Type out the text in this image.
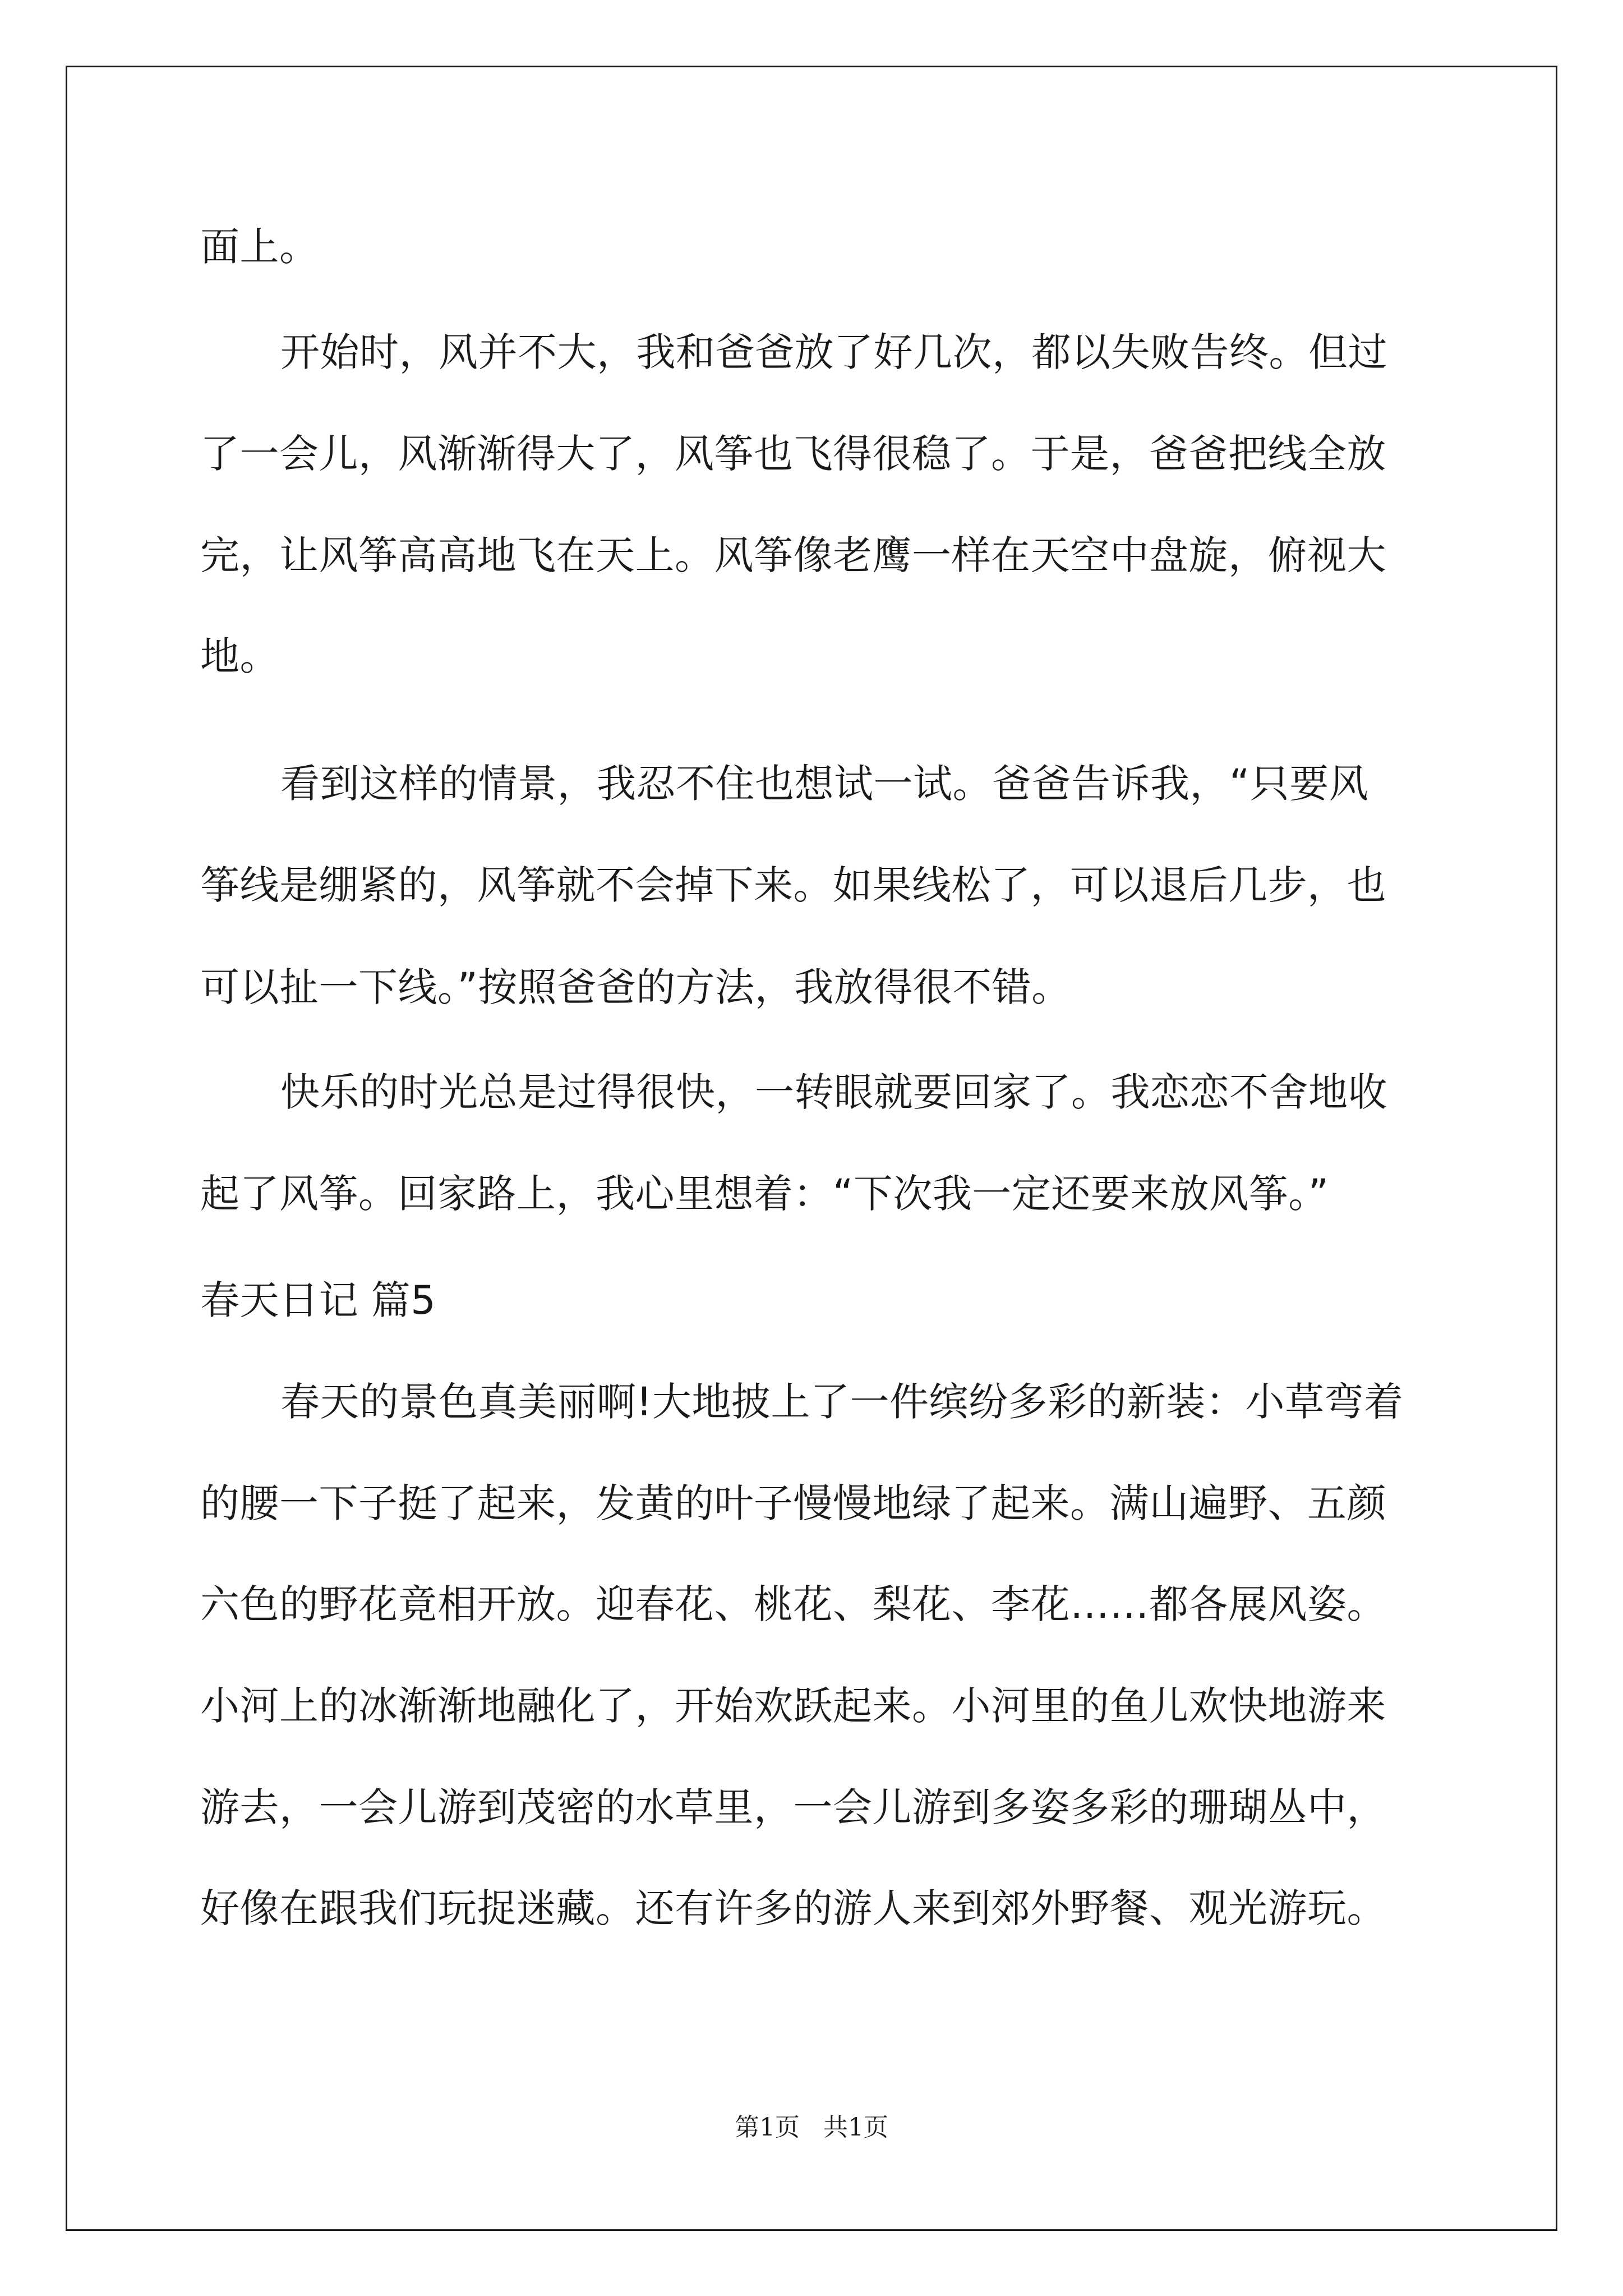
面上。

开始时，风并不大，我和爸爸放了好几次，都以失败告终。但过

了一会儿，风渐渐得大了，风筝也飞得很稳了。于是，爸爸把线全放

完，让风筝高高地飞在天上。风筝像老鹰一样在天空中盘旋，俯视大

地。

看到这样的情景，我忍不住也想试一试。爸爸告诉我，“只要风

筝线是绷紧的，风筝就不会掉下来。如果线松了，可以退后几步，也

可以扯一下线。”按照爸爸的方法，我放得很不错。

快乐的时光总是过得很快，一转眼就要回家了。我恋恋不舍地收

起了风筝。回家路上，我心里想着：“下次我一定还要来放风筝。”

春天日记 篇5

春天的景色真美丽啊!大地披上了一件缤纷多彩的新装：小草弯着

的腰一下子挺了起来，发黄的叶子慢慢地绿了起来。满山遍野、五颜

六色的野花竟相开放。迎春花、桃花、梨花、李花……都各展风姿。

小河上的冰渐渐地融化了，开始欢跃起来。小河里的鱼儿欢快地游来

游去，一会儿游到茂密的水草里，一会儿游到多姿多彩的珊瑚丛中，

好像在跟我们玩捉迷藏。还有许多的游人来到郊外野餐、观光游玩。

第1页   共1页
